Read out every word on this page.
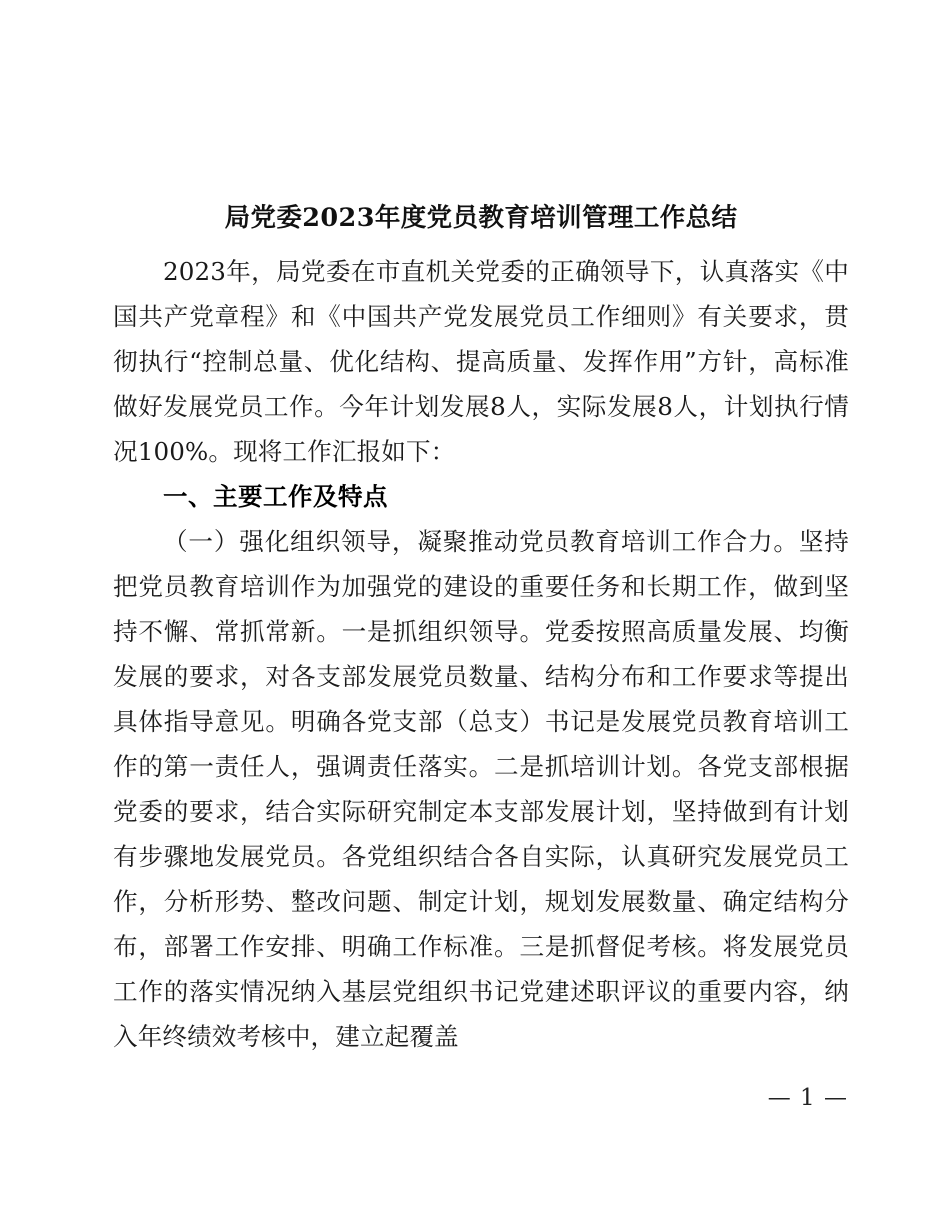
局党委2023年度党员教育培训管理工作总结

2023年，局党委在市直机关党委的正确领导下，认真落实《中国共产党章程》和《中国共产党发展党员工作细则》有关要求，贯彻执行“控制总量、优化结构、提高质量、发挥作用”方针，高标准做好发展党员工作。今年计划发展8人，实际发展8人，计划执行情况100%。现将工作汇报如下：

一、主要工作及特点

（一）强化组织领导，凝聚推动党员教育培训工作合力。坚持把党员教育培训作为加强党的建设的重要任务和长期工作，做到坚持不懈、常抓常新。一是抓组织领导。党委按照高质量发展、均衡发展的要求，对各支部发展党员数量、结构分布和工作要求等提出具体指导意见。明确各党支部（总支）书记是发展党员教育培训工作的第一责任人，强调责任落实。二是抓培训计划。各党支部根据党委的要求，结合实际研究制定本支部发展计划，坚持做到有计划有步骤地发展党员。各党组织结合各自实际，认真研究发展党员工作，分析形势、整改问题、制定计划，规划发展数量、确定结构分布，部署工作安排、明确工作标准。三是抓督促考核。将发展党员工作的落实情况纳入基层党组织书记党建述职评议的重要内容，纳入年终绩效考核中，建立起覆盖

— 1 —
